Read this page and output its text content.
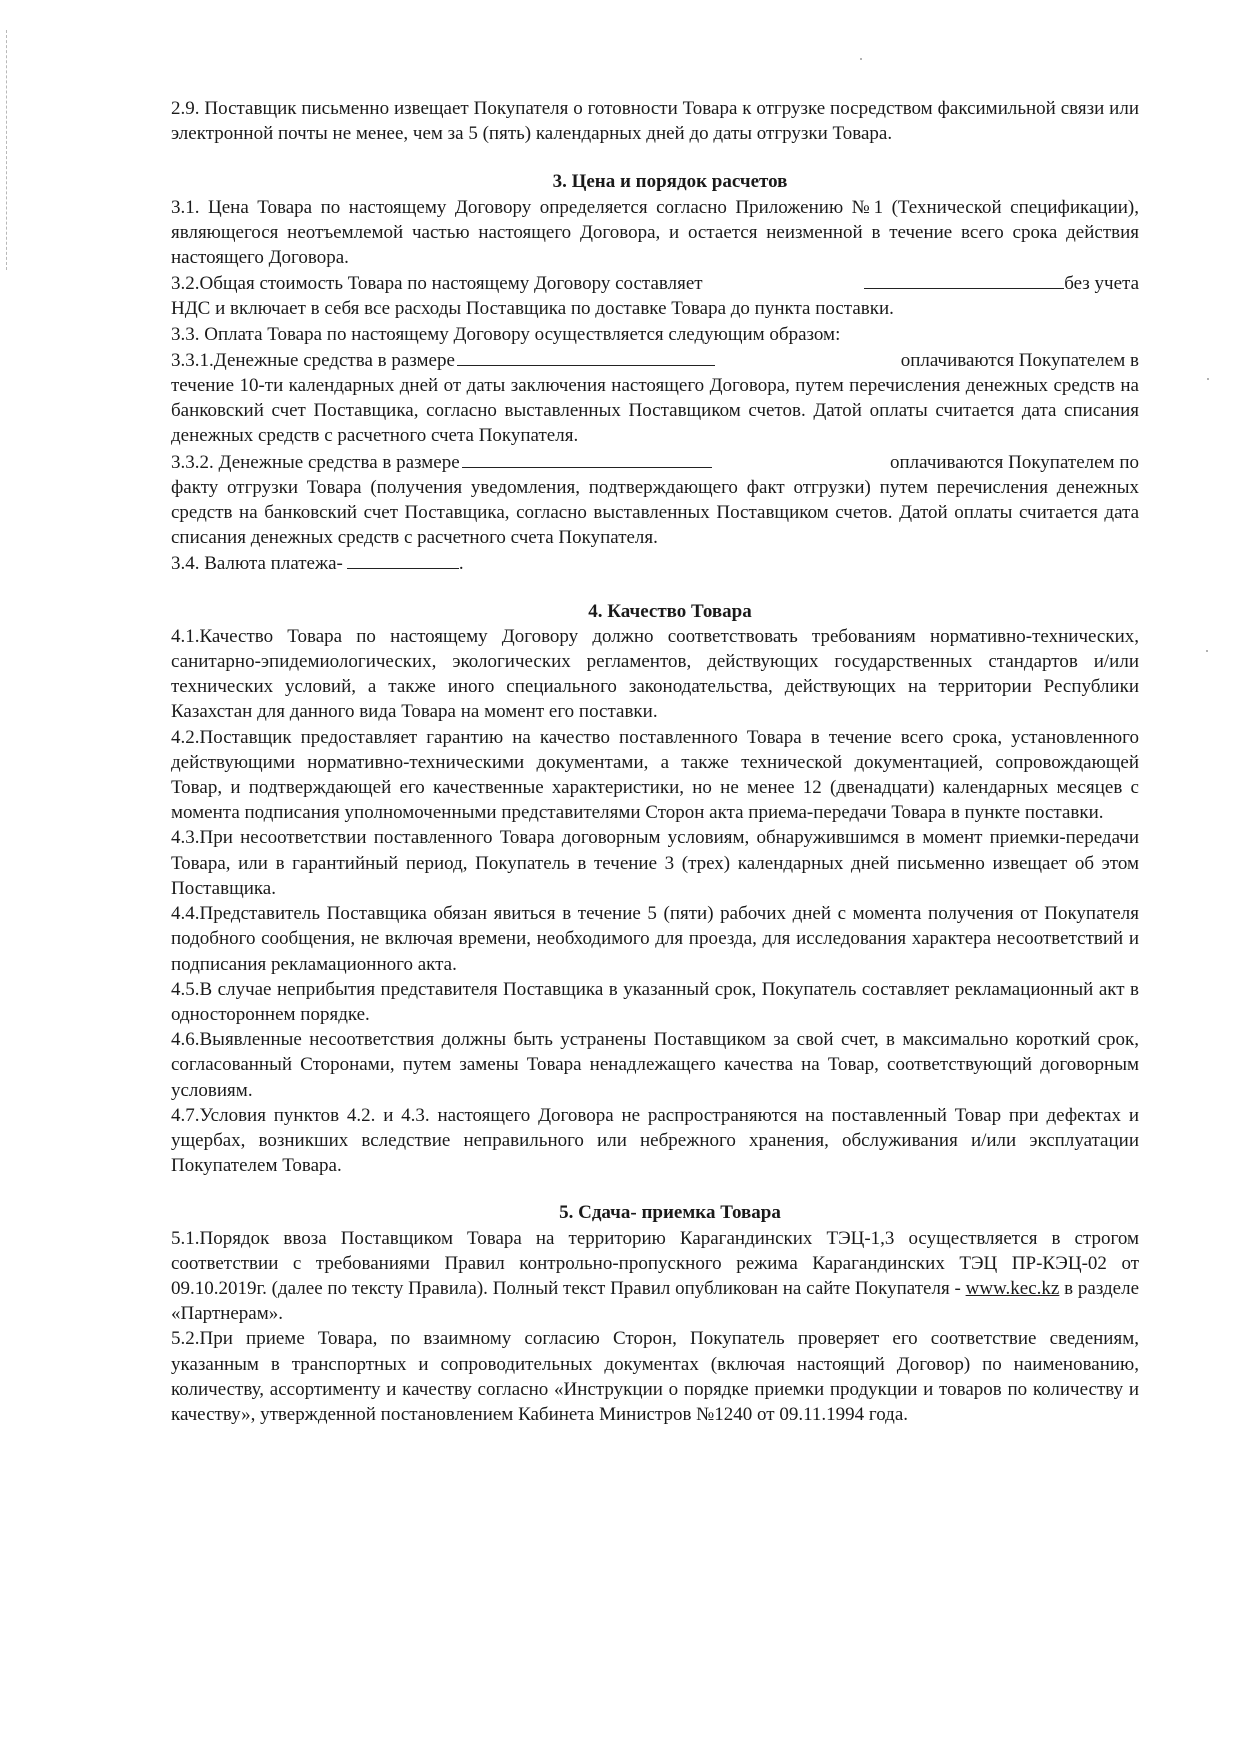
2.9. Поставщик письменно извещает Покупателя о готовности Товара к отгрузке посредством факсимильной связи или электронной почты не менее, чем за 5 (пять) календарных дней до даты отгрузки Товара.

3. Цена и порядок расчетов

3.1. Цена Товара по настоящему Договору определяется согласно Приложению №1 (Технической спецификации), являющегося неотъемлемой частью настоящего Договора, и остается неизменной в течение всего срока действия настоящего Договора.

3.2.Общая стоимость Товара по настоящему Договору составляет	без учета

НДС и включает в себя все расходы Поставщика по доставке Товара до пункта поставки.

3.3. Оплата Товара по настоящему Договору осуществляется следующим образом:

3.3.1.Денежные средства в размере	оплачиваются Покупателем в

течение 10-ти календарных дней от даты заключения настоящего Договора, путем перечисления денежных средств на банковский счет Поставщика, согласно выставленных Поставщиком счетов. Датой оплаты считается дата списания денежных средств с расчетного счета Покупателя.

3.3.2. Денежные средства в размере	оплачиваются Покупателем по

факту отгрузки Товара (получения уведомления, подтверждающего факт отгрузки) путем перечисления денежных средств на банковский счет Поставщика, согласно выставленных Поставщиком счетов. Датой оплаты считается дата списания денежных средств с расчетного счета Покупателя.

3.4. Валюта платежа-	.

4. Качество Товара

4.1.Качество Товара по настоящему Договору должно соответствовать требованиям нормативно-технических, санитарно-эпидемиологических, экологических регламентов, действующих государственных стандартов и/или технических условий, а также иного специального законодательства, действующих на территории Республики Казахстан для данного вида Товара на момент его поставки.

4.2.Поставщик предоставляет гарантию на качество поставленного Товара в течение всего срока, установленного действующими нормативно-техническими документами, а также технической документацией, сопровождающей Товар, и подтверждающей его качественные характеристики, но не менее 12 (двенадцати) календарных месяцев с момента подписания уполномоченными представителями Сторон акта приема-передачи Товара в пункте поставки.

4.3.При несоответствии поставленного Товара договорным условиям, обнаружившимся в момент приемки-передачи Товара, или в гарантийный период, Покупатель в течение 3 (трех) календарных дней письменно извещает об этом Поставщика.

4.4.Представитель Поставщика обязан явиться в течение 5 (пяти) рабочих дней с момента получения от Покупателя подобного сообщения, не включая времени, необходимого для проезда, для исследования характера несоответствий и подписания рекламационного акта.

4.5.В случае неприбытия представителя Поставщика в указанный срок, Покупатель составляет рекламационный акт в одностороннем порядке.

4.6.Выявленные несоответствия должны быть устранены Поставщиком за свой счет, в максимально короткий срок, согласованный Сторонами, путем замены Товара ненадлежащего качества на Товар, соответствующий договорным условиям.

4.7.Условия пунктов 4.2. и 4.3. настоящего Договора не распространяются на поставленный Товар при дефектах и ущербах, возникших вследствие неправильного или небрежного хранения, обслуживания и/или эксплуатации Покупателем Товара.

5. Сдача- приемка Товара

5.1.Порядок ввоза Поставщиком Товара на территорию Карагандинских ТЭЦ-1,3 осуществляется в строгом соответствии с требованиями Правил контрольно-пропускного режима Карагандинских ТЭЦ ПР-КЭЦ-02 от 09.10.2019г. (далее по тексту Правила). Полный текст Правил опубликован на сайте Покупателя - www.kec.kz в разделе «Партнерам».

5.2.При приеме Товара, по взаимному согласию Сторон, Покупатель проверяет его соответствие сведениям, указанным в транспортных и сопроводительных документах (включая настоящий Договор) по наименованию, количеству, ассортименту и качеству согласно «Инструкции о порядке приемки продукции и товаров по количеству и качеству», утвержденной постановлением Кабинета Министров №1240 от 09.11.1994 года.
